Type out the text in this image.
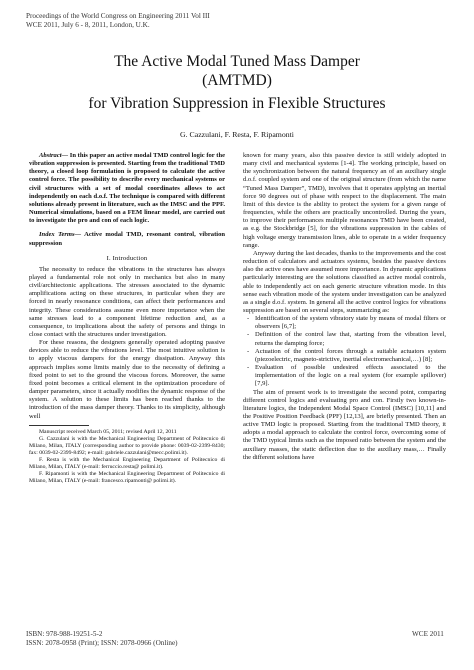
Proceedings of the World Congress on Engineering 2011 Vol III
WCE 2011, July 6 - 8, 2011, London, U.K.
The Active Modal Tuned Mass Damper
(AMTMD)
for Vibration Suppression in Flexible Structures
G. Cazzulani, F. Resta, F. Ripamonti

Abstract— In this paper an active modal TMD control logic for the vibration suppression is presented. Starting from the traditional TMD theory, a closed loop formulation is proposed to calculate the active control force. The possibility to describe every mechanical systems or civil structures with a set of modal coordinates allows to act independently on each d.o.f. The technique is compared with different solutions already present in literature, such as the IMSC and the PPF. Numerical simulations, based on a FEM linear model, are carried out to investigate the pro and con of each logic.

Index Terms— Active modal TMD, resonant control, vibration suppression

I. Introduction

The necessity to reduce the vibrations in the structures has always played a fundamental role not only in mechanics but also in many civil/architectonic applications. The stresses associated to the dynamic amplifications acting on these structures, in particular when they are forced in nearly resonance conditions, can affect their performances and integrity. These considerations assume even more importance when the same stresses lead to a component lifetime reduction and, as a consequence, to implications about the safety of persons and things in close contact with the structures under investigation.

For these reasons, the designers generally operated adopting passive devices able to reduce the vibrations level. The most intuitive solution is to apply viscous dampers for the energy dissipation. Anyway this approach implies some limits mainly due to the necessity of defining a fixed point to set to the ground the viscous forces. Moreover, the same fixed point becomes a critical element in the optimization procedure of damper parameters, since it actually modifies the dynamic response of the system. A solution to these limits has been reached thanks to the introduction of the mass damper theory. Thanks to its simplicity, although well

Manuscript received March 05, 2011; revised April 12, 2011

G. Cazzulani is with the Mechanical Engineering Department of Politecnico di Milano, Milan, ITALY (corresponding author to provide phone: 0039-02-2399-8430; fax: 0039-02-2399-8492; e-mail: gabriele.cazzulani@mecc.polimi.it).

F. Resta is with the Mechanical Engineering Department of Politecnico di Milano, Milan, ITALY (e-mail: ferruccio.resta@ polimi.it).

F. Ripamonti is with the Mechanical Engineering Department of Politecnico di Milano, Milan, ITALY (e-mail: francesco.ripamonti@ polimi.it).

known for many years, also this passive device is still widely adopted in many civil and mechanical systems [1-4]. The working principle, based on the synchronization between the natural frequency an of an auxiliary single d.o.f. coupled system and one of the original structure (from which the name “Tuned Mass Damper”, TMD), involves that it operates applying an inertial force 90 degrees out of phase with respect to the displacement. The main limit of this device is the ability to protect the system for a given range of frequencies, while the others are practically uncontrolled. During the years, to improve their performances multiple resonances TMD have been created, as e.g. the Stockbridge [5], for the vibrations suppression in the cables of high voltage energy transmission lines, able to operate in a wider frequency range.

Anyway during the last decades, thanks to the improvements and the cost reduction of calculators and actuators systems, besides the passive devices also the active ones have assumed more importance. In dynamic applications particularly interesting are the solutions classified as active modal controls, able to independently act on each generic structure vibration mode. In this sense each vibration mode of the system under investigation can be analyzed as a single d.o.f. system. In general all the active control logics for vibrations suppression are based on several steps, summarizing as:

- Identification of the system vibratory state by means of modal filters or observers [6,7];
- Definition of the control law that, starting from the vibration level, returns the damping force;
- Actuation of the control forces through a suitable actuators system (piezoelectric, magneto-strictive, inertial electromechanical,…) [8];
- Evaluation of possible undesired effects associated to the implementation of the logic on a real system (for example spillover) [7,9].

The aim of present work is to investigate the second point, comparing different control logics and evaluating pro and con. Firstly two known-in-literature logics, the Independent Modal Space Control (IMSC) [10,11] and the Positive Position Feedback (PPF) [12,13], are briefly presented. Then an active TMD logic is proposed. Starting from the traditional TMD theory, it adopts a modal approach to calculate the control force, overcoming some of the TMD typical limits such as the imposed ratio between the system and the auxiliary masses, the static deflection due to the auxiliary mass,… Finally the different solutions have

ISBN: 978-988-19251-5-2
ISSN: 2078-0958 (Print); ISSN: 2078-0966 (Online)
WCE 2011
